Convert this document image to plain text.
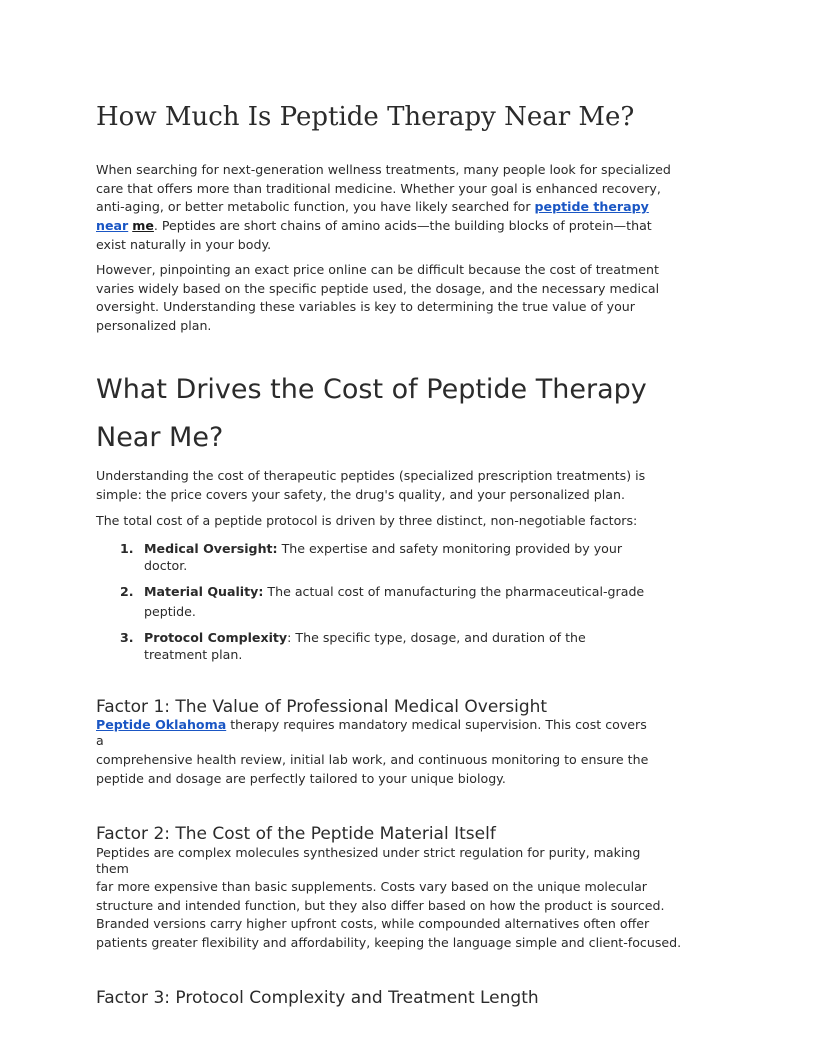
How Much Is Peptide Therapy Near Me?

When searching for next-generation wellness treatments, many people look for specialized
care that offers more than traditional medicine. Whether your goal is enhanced recovery,
anti-aging, or better metabolic function, you have likely searched for peptide therapy
near me. Peptides are short chains of amino acids—the building blocks of protein—that
exist naturally in your body.

However, pinpointing an exact price online can be difficult because the cost of treatment
varies widely based on the specific peptide used, the dosage, and the necessary medical
oversight. Understanding these variables is key to determining the true value of your
personalized plan.

What Drives the Cost of Peptide Therapy Near Me?

Understanding the cost of therapeutic peptides (specialized prescription treatments) is
simple: the price covers your safety, the drug's quality, and your personalized plan.

The total cost of a peptide protocol is driven by three distinct, non-negotiable factors:

1. Medical Oversight: The expertise and safety monitoring provided by your
doctor.
2. Material Quality: The actual cost of manufacturing the pharmaceutical-grade
peptide.
3. Protocol Complexity: The specific type, dosage, and duration of the
treatment plan.
Factor 1: The Value of Professional Medical Oversight

Peptide Oklahoma therapy requires mandatory medical supervision. This cost covers
a

comprehensive health review, initial lab work, and continuous monitoring to ensure the
peptide and dosage are perfectly tailored to your unique biology.

Factor 2: The Cost of the Peptide Material Itself

Peptides are complex molecules synthesized under strict regulation for purity, making
them

far more expensive than basic supplements. Costs vary based on the unique molecular
structure and intended function, but they also differ based on how the product is sourced.
Branded versions carry higher upfront costs, while compounded alternatives often offer
patients greater flexibility and affordability, keeping the language simple and client-focused.

Factor 3: Protocol Complexity and Treatment Length
